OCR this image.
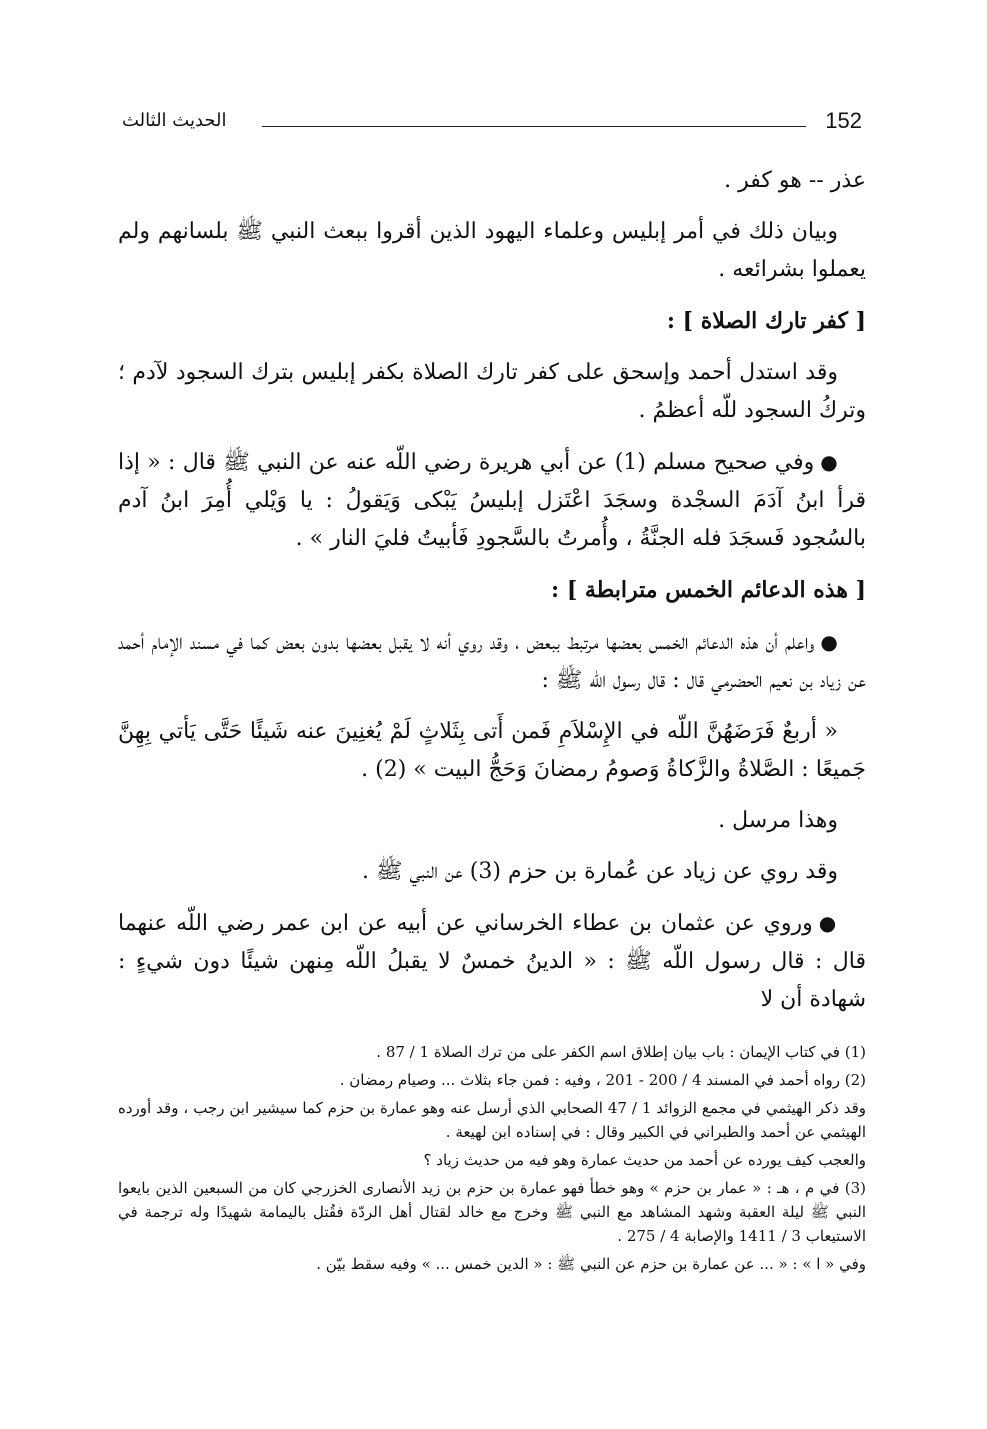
152
الحديث الثالث

عذر -- هو كفر .

وبيان ذلك في أمر إبليس وعلماء اليهود الذين أقروا ببعث النبي ﷺ بلسانهم ولم يعملوا بشرائعه .

[ كفر تارك الصلاة ] :

وقد استدل أحمد وإسحق على كفر تارك الصلاة بكفر إبليس بترك السجود لآدم ؛ وتركُ السجود للّه أعظمُ .

●وفي صحيح مسلم (1) عن أبي هريرة رضي اللّه عنه عن النبي ﷺ قال : « إذا قرأ ابنُ آدَمَ السجْدة وسجَدَ اعْتَزل إبليسُ يَبْكى وَيَقولُ : يا وَيْلي أُمِرَ ابنُ آدم بالسُجود فَسجَدَ فله الجنَّةُ ، وأُمرتُ بالسَّجودِ فَأبيتُ فليَ النار » .

[ هذه الدعائم الخمس مترابطة ] :

●واعلم أن هذه الدعائم الخمس بعضها مرتبط ببعض ، وقد روي أنه لا يقبل بعضها بدون بعض كما في مسند الإمام أحمد عن زياد بن نعيم الحضرمي قال : قال رسول اللّه ﷺ :

« أربعٌ فَرَضَهُنَّ اللّه في الإِسْلاَمِ فَمن أَتى بِثَلاثٍ لَمْ يُغنِينَ عنه شَيئًا حَتَّى يَأتي بِهِنَّ جَميعًا : الصَّلاةُ والزَّكاةُ وَصومُ رمضانَ وَحَجُّ البيت » (2) .

وهذا مرسل .

وقد روي عن زياد عن عُمارة بن حزم (3) عن النبي ﷺ .

●وروي عن عثمان بن عطاء الخرساني عن أبيه عن ابن عمر رضي اللّه عنهما قال : قال رسول اللّه ﷺ : « الدينُ خمسٌ لا يقبلُ اللّه مِنهن شيئًا دون شيءٍ : شهادة أن لا

(1) في كتاب الإيمان : باب بيان إطلاق اسم الكفر على من ترك الصلاة 1 / 87 .

(2) رواه أحمد في المسند 4 / 200 - 201 ، وفيه : فمن جاء بثلاث ... وصيام رمضان .

وقد ذكر الهيثمي في مجمع الزوائد 1 / 47 الصحابي الذي أرسل عنه وهو عمارة بن حزم كما سيشير ابن رجب ، وقد أورده الهيثمي عن أحمد والطبراني في الكبير وقال : في إسناده ابن لهيعة .

والعجب كيف يورده عن أحمد من حديث عمارة وهو فيه من حديث زياد ؟

(3) في م ، هـ : « عمار بن حزم » وهو خطأ فهو عمارة بن حزم بن زيد الأنصارى الخزرجي كان من السبعين الذين بايعوا النبي ﷺ ليلة العقبة وشهد المشاهد مع النبي ﷺ وخرج مع خالد لقتال أهل الردّة فقُتل باليمامة شهيدًا وله ترجمة في الاستيعاب 3 / 1411 والإصابة 4 / 275 .

وفي « ا » : « ... عن عمارة بن حزم عن النبي ﷺ : « الدين خمس ... » وفيه سقط بيّن .
